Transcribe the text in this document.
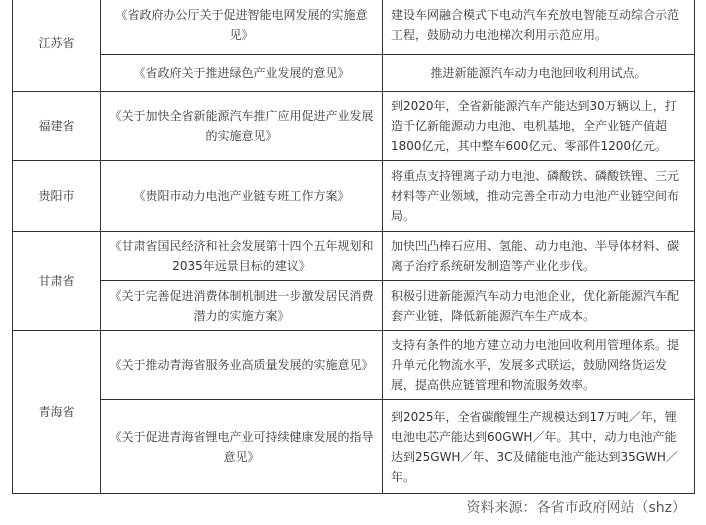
江苏省	《省政府办公厅关于促进智能电网发展的实施意见》	建设车网融合模式下电动汽车充放电智能互动综合示范工程，鼓励动力电池梯次利用示范应用。

	《省政府关于推进绿色产业发展的意见》	推进新能源汽车动力电池回收利用试点。
福建省	《关于加快全省新能源汽车推广应用促进产业发展的实施意见》	到2020年，全省新能源汽车产能达到30万辆以上，打造千亿新能源动力电池、电机基地，全产业链产值超1800亿元，其中整车600亿元、零部件1200亿元。

贵阳市	《贵阳市动力电池产业链专班工作方案》	将重点支持锂离子动力电池、磷酸铁、磷酸铁锂、三元材料等产业领域，推动完善全市动力电池产业链空间布局。

甘肃省	《甘肃省国民经济和社会发展第十四个五年规划和2035年远景目标的建议》	加快凹凸棒石应用、氢能、动力电池、半导体材料、碳离子治疗系统研发制造等产业化步伐。

	《关于完善促进消费体制机制进一步激发居民消费潜力的实施方案》	积极引进新能源汽车动力电池企业，优化新能源汽车配套产业链，降低新能源汽车生产成本。

青海省	《关于推动青海省服务业高质量发展的实施意见》	支持有条件的地方建立动力电池回收利用管理体系。提升单元化物流水平，发展多式联运，鼓励网络货运发展，提高供应链管理和物流服务效率。

	《关于促进青海省锂电产业可持续健康发展的指导意见》	到2025年，全省碳酸锂生产规模达到17万吨／年，锂电池电芯产能达到60GWH／年。其中，动力电池产能达到25GWH／年、3C及储能电池产能达到35GWH／年。
资料来源：各省市政府网站（shz）
